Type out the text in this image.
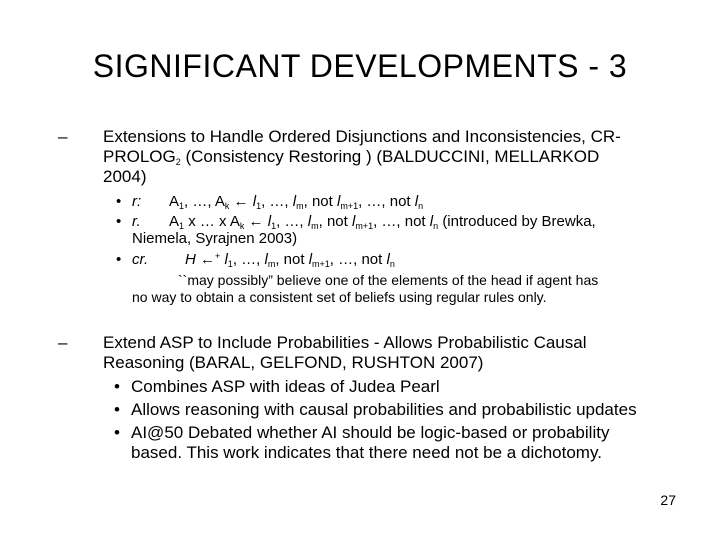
SIGNIFICANT DEVELOPMENTS - 3
– Extensions to Handle Ordered Disjunctions and Inconsistencies, CR-
$PROLOG_2$ (Consistency Restoring ) (BALDUCCINI, MELLARKOD
2004)
• r: $A_1$, …, $A_k$ ← $l_1$, …, $l_m$, not $l_{m+1}$, …, not $l_n$
• r. $A_1$ x … x $A_k$ ← $l_1$, …, $l_m$, not $l_{m+1}$, …, not $l_n$ (introduced by Brewka,
Niemela, Syrajnen 2003)
• cr. H ←+ $l_1$, …, $l_m$, not $l_{m+1}$, …, not $l_n$
``may possibly” believe one of the elements of the head if agent has
no way to obtain a consistent set of beliefs using regular rules only.
– Extend ASP to Include Probabilities - Allows Probabilistic Causal
Reasoning (BARAL, GELFOND, RUSHTON 2007)
• Combines ASP with ideas of Judea Pearl
• Allows reasoning with causal probabilities and probabilistic updates
• AI@50 Debated whether AI should be logic-based or probability
based. This work indicates that there need not be a dichotomy.
27
